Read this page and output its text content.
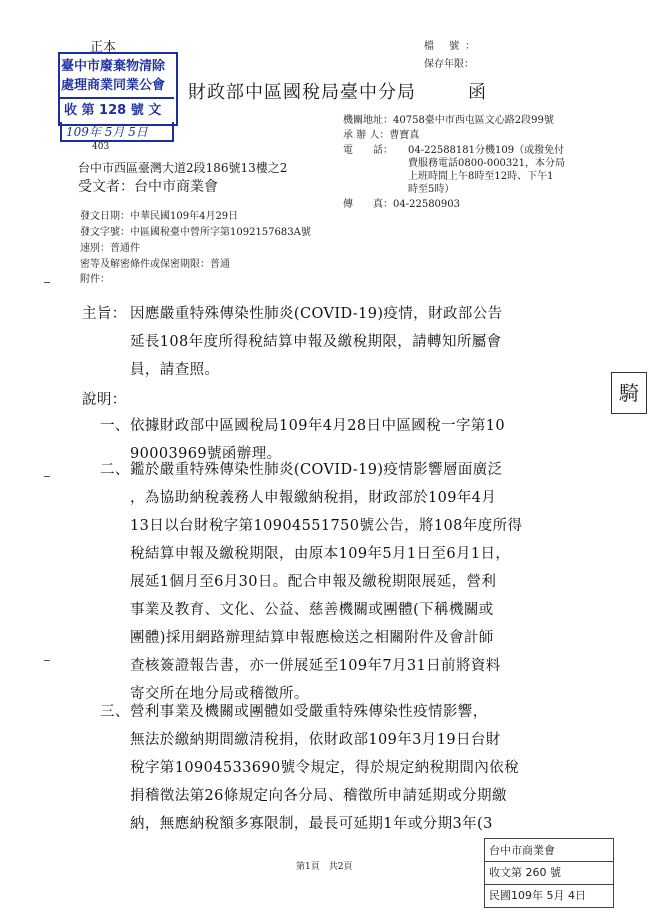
正本	檔 號：
保存年限：
臺中市廢棄物清除
處理商業同業公會
收 第 128 號 文
109年 5月 5日
財政部中區國稅局臺中分局	函
機關地址：40758臺中市西屯區文心路2段99號
承 辦 人：曹寶真
電　　話： 04-22588181分機109（或撥免付
費服務電話0800-000321，本分局
上班時間上午8時至12時、下午1
時至5時）
傳　　真：04-22580903
403
台中市西區臺灣大道2段186號13樓之2
受文者：台中市商業會
發文日期：中華民國109年4月29日
發文字號：中區國稅臺中營所字第1092157683A號
速別：普通件
密等及解密條件或保密期限：普通
附件：
主旨： 因應嚴重特殊傳染性肺炎(COVID-19)疫情，財政部公告

延長108年度所得稅結算申報及繳稅期限，請轉知所屬會

員，請查照。

說明：
一、 依據財政部中區國稅局109年4月28日中區國稅一字第10

90003969號函辦理。

二、 鑑於嚴重特殊傳染性肺炎(COVID-19)疫情影響層面廣泛

，為協助納稅義務人申報繳納稅捐，財政部於109年4月

13日以台財稅字第10904551750號公告，將108年度所得

稅結算申報及繳稅期限，由原本109年5月1日至6月1日，

展延1個月至6月30日。配合申報及繳稅期限展延，營利

事業及教育、文化、公益、慈善機關或團體(下稱機關或

團體)採用網路辦理結算申報應檢送之相關附件及會計師

查核簽證報告書，亦一併展延至109年7月31日前將資料

寄交所在地分局或稽徵所。

三、 營利事業及機關或團體如受嚴重特殊傳染性疫情影響，

無法於繳納期間繳清稅捐，依財政部109年3月19日台財

稅字第10904533690號令規定，得於規定納稅期間內依稅

捐稽徵法第26條規定向各分局、稽徵所申請延期或分期繳

納，無應納稅額多寡限制，最長可延期1年或分期3年(3

騎
台中市商業會
收文第 260 號
民國109年 5月 4日
第1頁　共2頁
